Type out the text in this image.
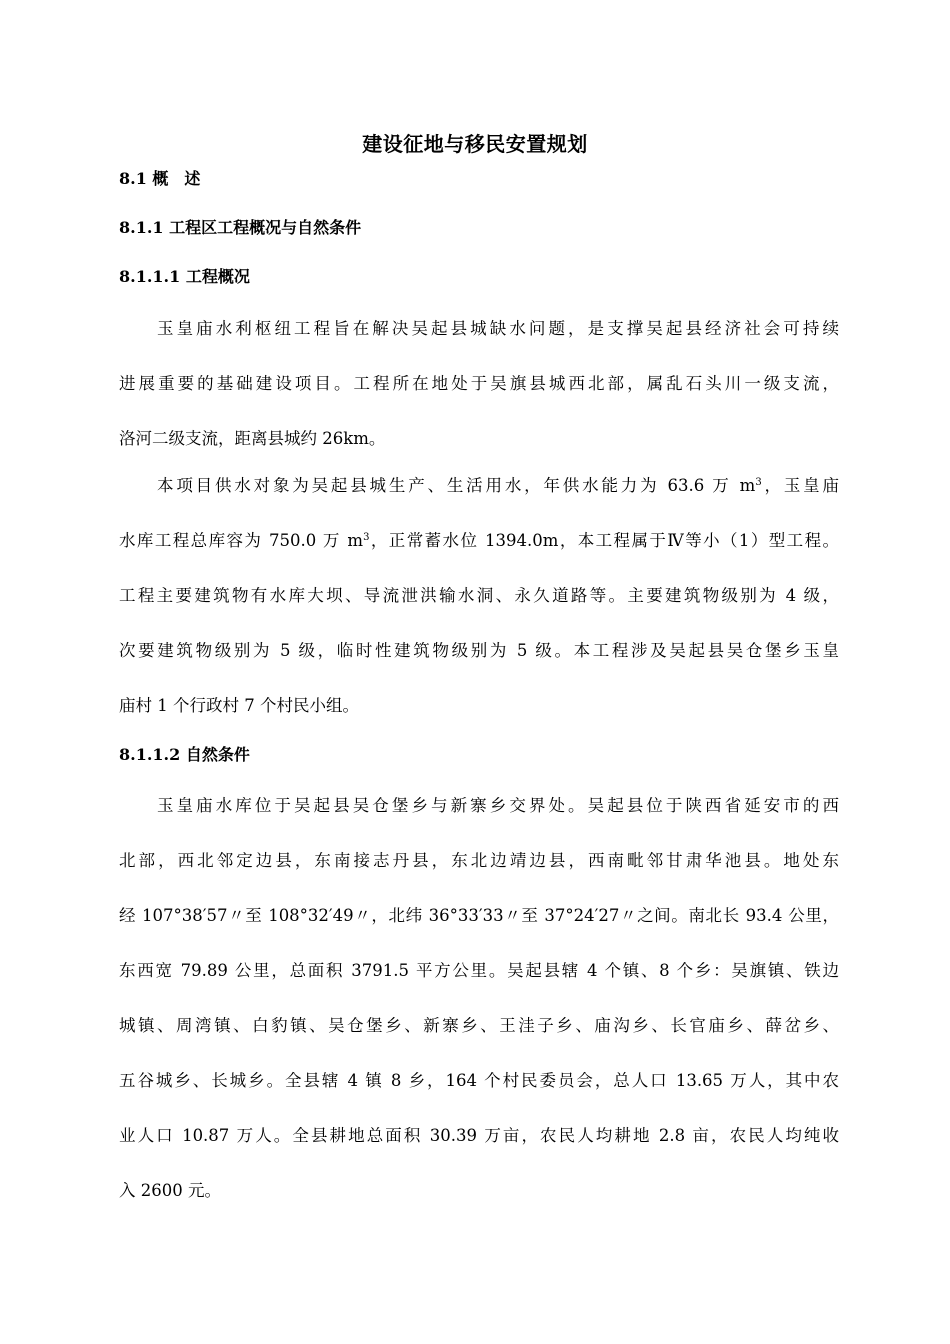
建设征地与移民安置规划
8.1 概　述
8.1.1 工程区工程概况与自然条件
8.1.1.1 工程概况
玉皇庙水利枢纽工程旨在解决吴起县城缺水问题，是支撑吴起县经济社会可持续
进展重要的基础建设项目。工程所在地处于吴旗县城西北部，属乱石头川一级支流，
洛河二级支流，距离县城约 26km。
本项目供水对象为吴起县城生产、生活用水，年供水能力为 63.6 万 $m^3$，玉皇庙
水库工程总库容为 750.0 万 $m^3$，正常蓄水位 1394.0m，本工程属于Ⅳ等小（1）型工程。
工程主要建筑物有水库大坝、导流泄洪输水洞、永久道路等。主要建筑物级别为 4 级，
次要建筑物级别为 5 级，临时性建筑物级别为 5 级。本工程涉及吴起县吴仓堡乡玉皇
庙村 1 个行政村 7 个村民小组。
8.1.1.2 自然条件
玉皇庙水库位于吴起县吴仓堡乡与新寨乡交界处。吴起县位于陕西省延安市的西
北部，西北邻定边县，东南接志丹县，东北边靖边县，西南毗邻甘肃华池县。地处东
经 107°38′57〃至 108°32′49〃，北纬 36°33′33〃至 37°24′27〃之间。南北长 93.4 公里，
东西宽 79.89 公里，总面积 3791.5 平方公里。吴起县辖 4 个镇、8 个乡：吴旗镇、铁边
城镇、周湾镇、白豹镇、吴仓堡乡、新寨乡、王洼子乡、庙沟乡、长官庙乡、薛岔乡、
五谷城乡、长城乡。全县辖 4 镇 8 乡，164 个村民委员会，总人口 13.65 万人，其中农
业人口 10.87 万人。全县耕地总面积 30.39 万亩，农民人均耕地 2.8 亩，农民人均纯收
入 2600 元。
